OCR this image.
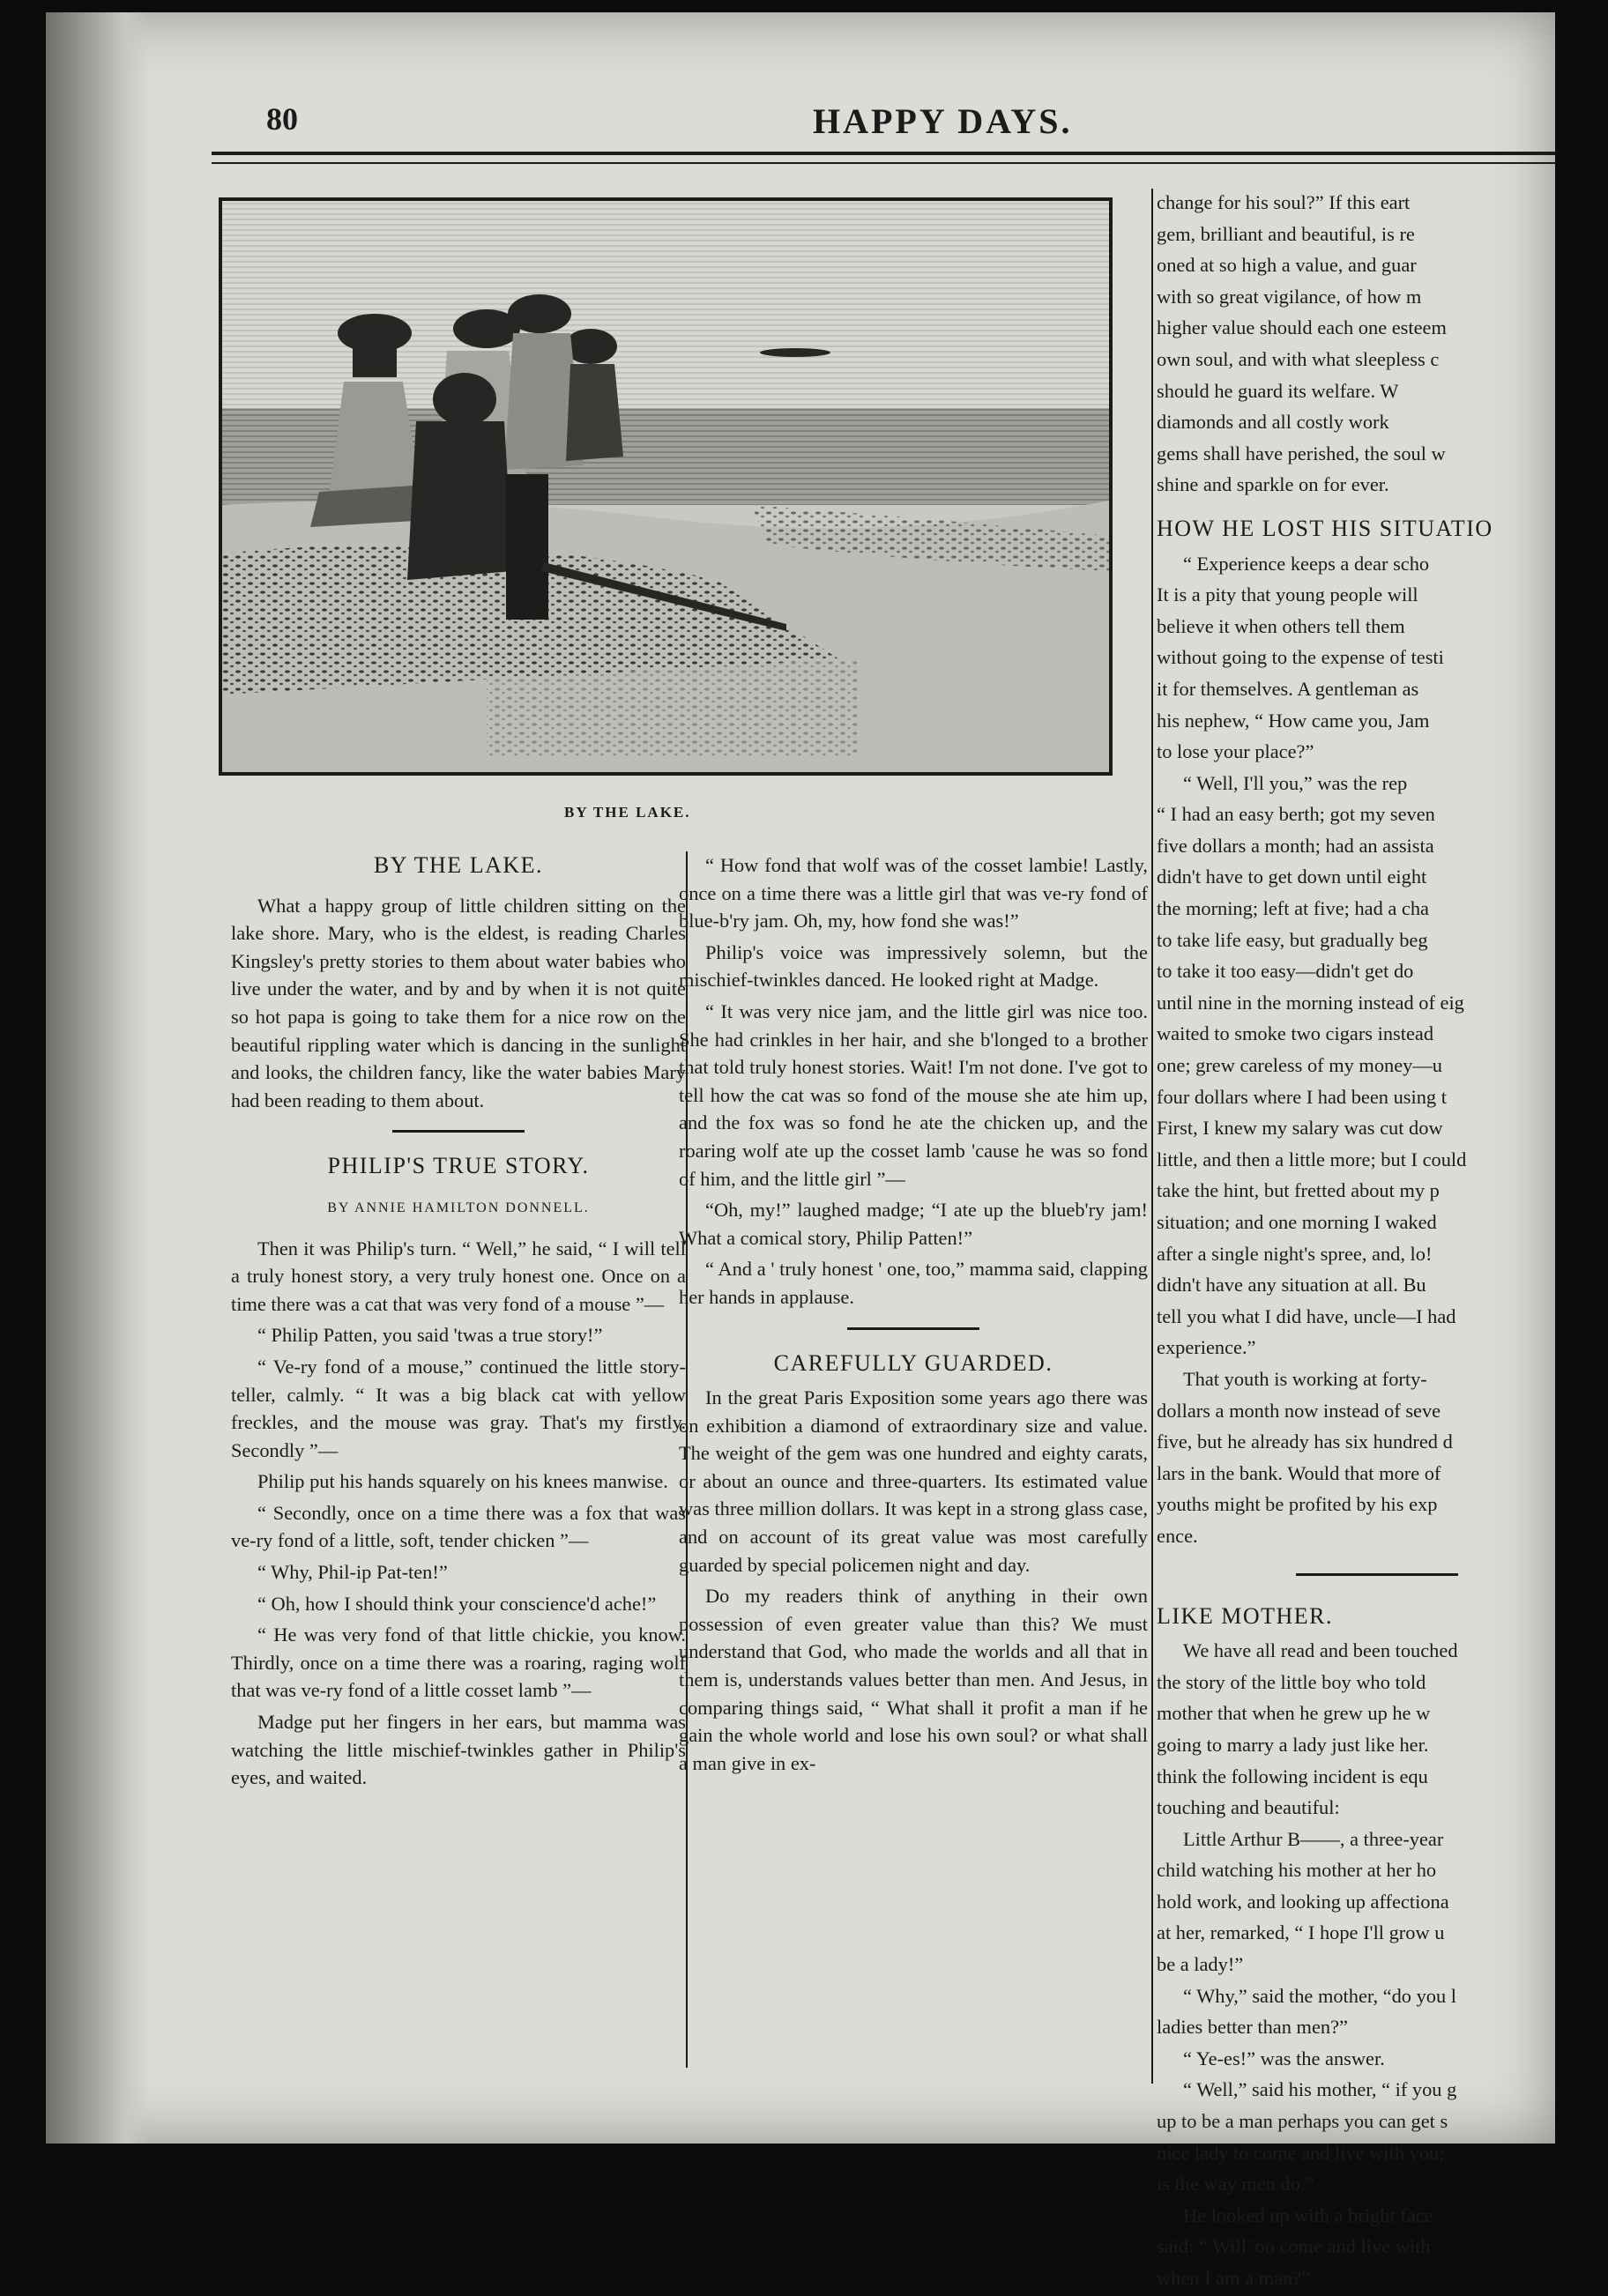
80	HAPPY DAYS.
BY THE LAKE.
BY THE LAKE.

What a happy group of little children sitting on the lake shore. Mary, who is the eldest, is reading Charles Kingsley's pretty stories to them about water babies who live under the water, and by and by when it is not quite so hot papa is going to take them for a nice row on the beautiful rippling water which is dancing in the sunlight and looks, the children fancy, like the water babies Mary had been reading to them about.

PHILIP'S TRUE STORY.
BY ANNIE HAMILTON DONNELL.

Then it was Philip's turn. “ Well,” he said, “ I will tell a truly honest story, a very truly honest one. Once on a time there was a cat that was very fond of a mouse ”—

“ Philip Patten, you said 'twas a true story!”

“ Ve-ry fond of a mouse,” continued the little story-teller, calmly. “ It was a big black cat with yellow freckles, and the mouse was gray. That's my firstly. Secondly ”—

Philip put his hands squarely on his knees manwise.

“ Secondly, once on a time there was a fox that was ve-ry fond of a little, soft, tender chicken ”—

“ Why, Phil-ip Pat-ten!”

“ Oh, how I should think your conscience'd ache!”

“ He was very fond of that little chickie, you know. Thirdly, once on a time there was a roaring, raging wolf that was ve-ry fond of a little cosset lamb ”—

Madge put her fingers in her ears, but mamma was watching the little mischief-twinkles gather in Philip's eyes, and waited.

“ How fond that wolf was of the cosset lambie! Lastly, once on a time there was a little girl that was ve-ry fond of blue-b'ry jam. Oh, my, how fond she was!”

Philip's voice was impressively solemn, but the mischief-twinkles danced. He looked right at Madge.

“ It was very nice jam, and the little girl was nice too. She had crinkles in her hair, and she b'longed to a brother that told truly honest stories. Wait! I'm not done. I've got to tell how the cat was so fond of the mouse she ate him up, and the fox was so fond he ate the chicken up, and the roaring wolf ate up the cosset lamb 'cause he was so fond of him, and the little girl ”—

“Oh, my!” laughed madge; “I ate up the blueb'ry jam! What a comical story, Philip Patten!”

“ And a ' truly honest ' one, too,” mamma said, clapping her hands in applause.

CAREFULLY GUARDED.

In the great Paris Exposition some years ago there was on exhibition a diamond of extraordinary size and value. The weight of the gem was one hundred and eighty carats, or about an ounce and three-quarters. Its estimated value was three million dollars. It was kept in a strong glass case, and on account of its great value was most carefully guarded by special policemen night and day.

Do my readers think of anything in their own possession of even greater value than this? We must understand that God, who made the worlds and all that in them is, understands values better than men. And Jesus, in comparing things said, “ What shall it profit a man if he gain the whole world and lose his own soul? or what shall a man give in ex-

change for his soul?” If this eart

gem, brilliant and beautiful, is re

oned at so high a value, and guar

with so great vigilance, of how m

higher value should each one esteem

own soul, and with what sleepless c

should he guard its welfare. W

diamonds and all costly work

gems shall have perished, the soul w

shine and sparkle on for ever.

HOW HE LOST HIS SITUATIO

“ Experience keeps a dear scho

It is a pity that young people will

believe it when others tell them

without going to the expense of testi

it for themselves. A gentleman as

his nephew, “ How came you, Jam

to lose your place?”

“ Well, I'll you,” was the rep

“ I had an easy berth; got my seven

five dollars a month; had an assista

didn't have to get down until eight

the morning; left at five; had a cha

to take life easy, but gradually beg

to take it too easy—didn't get do

until nine in the morning instead of eig

waited to smoke two cigars instead

one; grew careless of my money—u

four dollars where I had been using t

First, I knew my salary was cut dow

little, and then a little more; but I could

take the hint, but fretted about my p

situation; and one morning I waked

after a single night's spree, and, lo!

didn't have any situation at all. Bu

tell you what I did have, uncle—I had

experience.”

That youth is working at forty-

dollars a month now instead of seve

five, but he already has six hundred d

lars in the bank. Would that more of

youths might be profited by his exp

ence.

LIKE MOTHER.

We have all read and been touched

the story of the little boy who told

mother that when he grew up he w

going to marry a lady just like her.

think the following incident is equ

touching and beautiful:

Little Arthur B——, a three-year

child watching his mother at her ho

hold work, and looking up affectiona

at her, remarked, “ I hope I'll grow u

be a lady!”

“ Why,” said the mother, “do you l

ladies better than men?”

“ Ye-es!” was the answer.

“ Well,” said his mother, “ if you g

up to be a man perhaps you can get s

nice lady to come and live with you;

is the way men do.”

He looked up with a bright face

said: “ Will 'oo come and live with

when I am a man?”
